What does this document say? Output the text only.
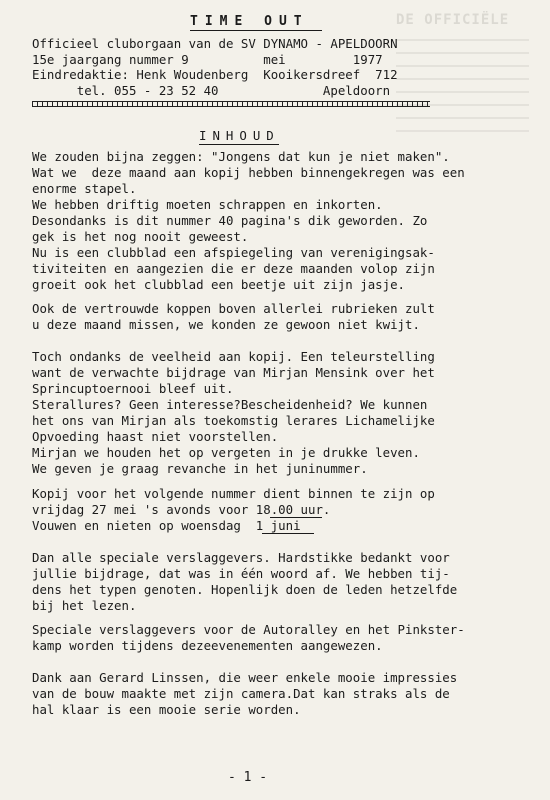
DE OFFICIËLE
TIME OUT
Officieel cluborgaan van de SV DYNAMO - APELDOORN
15e jaargang nummer 9          mei         1977
Eindredaktie: Henk Woudenberg  Kooikersdreef  712
tel. 055 - 23 52 40              Apeldoorn
INHOUD
We zouden bijna zeggen: "Jongens dat kun je niet maken".
Wat we  deze maand aan kopij hebben binnengekregen was een
enorme stapel.
We hebben driftig moeten schrappen en inkorten.
Desondanks is dit nummer 40 pagina's dik geworden. Zo
gek is het nog nooit geweest.
Nu is een clubblad een afspiegeling van verenigingsak-
tiviteiten en aangezien die er deze maanden volop zijn
groeit ook het clubblad een beetje uit zijn jasje.
Ook de vertrouwde koppen boven allerlei rubrieken zult
u deze maand missen, we konden ze gewoon niet kwijt.
Toch ondanks de veelheid aan kopij. Een teleurstelling
want de verwachte bijdrage van Mirjan Mensink over het
Sprincuptoernooi bleef uit.
Sterallures? Geen interesse?Bescheidenheid? We kunnen
het ons van Mirjan als toekomstig lerares Lichamelijke
Opvoeding haast niet voorstellen.
Mirjan we houden het op vergeten in je drukke leven.
We geven je graag revanche in het juninummer.
Kopij voor het volgende nummer dient binnen te zijn op
vrijdag 27 mei 's avonds voor 18.00 uur.
Vouwen en nieten op woensdag  1 juni
Dan alle speciale verslaggevers. Hardstikke bedankt voor
jullie bijdrage, dat was in één woord af. We hebben tij-
dens het typen genoten. Hopenlijk doen de leden hetzelfde
bij het lezen.
Speciale verslaggevers voor de Autoralley en het Pinkster-
kamp worden tijdens dezeevenementen aangewezen.
Dank aan Gerard Linssen, die weer enkele mooie impressies
van de bouw maakte met zijn camera.Dat kan straks als de
hal klaar is een mooie serie worden.
- 1 -
